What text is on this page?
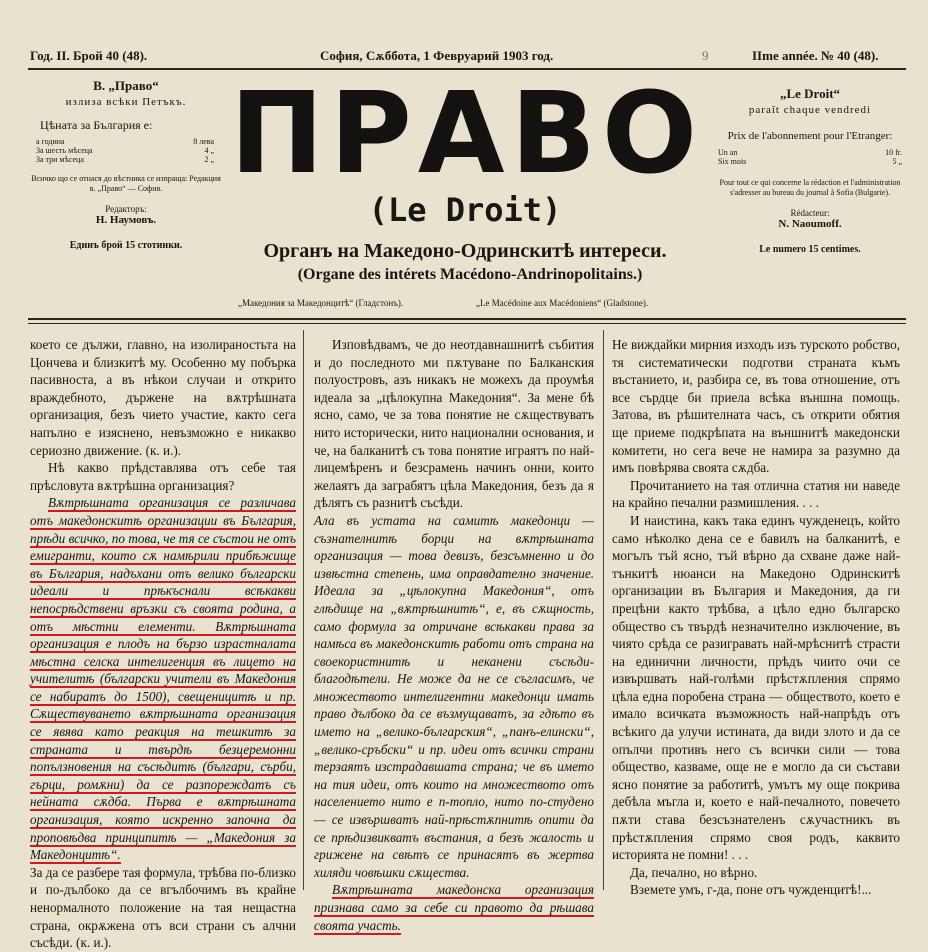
Год. II. Брой 40 (48).	София, Сѫббота, 1 Февруарий 1903 год.	9	IIme année. № 40 (48).
ПРАВО
(Le Droit)
Органъ на Македоно-Одринскитѣ интереси.
(Organe des intérets Macédono-Andrinopolitains.)
„Македония за Македонцитѣ“ (Гладстонъ).	„Le Macédoine aux Macédoniens“ (Gladstone).
В. „Право“
излиза всѣки Петъкъ.
Цѣната за България е:
а година	8 лева
За шесть мѣсеца	4 „
За три мѣсеца	2 „
Всичко що се отнася до вѣстника се изпраща: Редакция в. „Право“ — София.
Редакторъ:
Н. Наумовъ.
Единъ брой 15 стотинки.
„Le Droit“
paraît chaque vendredi
Prix de l'abonnement pour l'Etranger:
Un an	10 fr.
Six mois	5 „
Pour tout ce qui concerne la rédaction et l'administration s'adresser au bureau du journal à Sofia (Bulgarie).
Rédacteur:
N. Naoumoff.
Le numero 15 centimes.

което се дължи, главно, на изолираностьта на Цончева и близкитѣ му. Особенно му побърка пасивноста, а въ нѣкои случаи и открито враждебното, държене на вѫтрѣшната организация, безъ чието участие, както сега напълно е изяснено, невъзможно е никакво сериозно движение. (к. и.).

Нѣ какво прѣдставлява отъ себе тая прѣсловута вѫтрѣшна организация?

Вѫтрѣшната организация се различава отъ македонскитѣ организации въ България, прѣди всичко, по това, че тя се състои не отъ емигранти, които сѫ намѣрили прибѣжище въ България, надъхани отъ велико български идеали и прѣкъснали всѣкакви непосрѣдствени връзки съ своята родина, а отъ мѣстни елементи. Вѫтрѣшната организация е плодъ на бързо израстналата мѣстна селска интелигенция въ лицето на учителитѣ (български учители въ Македония се набиратъ до 1500), свещеницитѣ и пр. Сѫществуването вѫтрѣшната организация се явява като реакция на тешкитѣ за страната и твърдѣ безцеремонни попълзновения на съсѣдитѣ (българи, сърби, гърци, ромѫни) да се разпореждатъ съ нейната сѫдба. Първа е вѫтрѣшната организация, която искренно започна да проповѣдва принципитѣ — „Македония за Македонцитѣ“.

За да се разбере тая формула, трѣбва по-близко и по-дълбоко да се вгълбочимъ въ крайне ненормалното положение на тая нещастна страна, окрѫжена отъ вси страни съ алчни съсѣди. (к. и.).

Изповѣдвамъ, че до неотдавнашнитѣ събития и до последното ми пѫтуване по Балканския полуостровъ, азъ никакъ не можехъ да проумѣя идеала за „цѣлокупна Македония“. За мене бѣ ясно, само, че за това понятие не сѫществуватъ нито исторически, нито национални основания, и че, на балканитѣ съ това понятие играятъ по най-лицемѣренъ и безсрамень начинъ онни, които желаятъ да заграбятъ цѣла Македония, безъ да я дѣлятъ съ разнитѣ съсѣди.

Ала въ устата на самитѣ македонци — съзнателнитѣ борци на вѫтрѣшната организация — това девизъ, безсъмненно и до извѣстна степень, има оправдателно значение. Идеала за „цѣлокупна Македония“, отъ глѣдище на „вѫтрѣшнитѣ“, е, въ сѫщность, само формула за отричане всѣкакви права за намѣса въ македонскитѣ работи отъ страна на своекористнитѣ и неканени съсѣди-благодѣтели. Не може да не се съгласимъ, че множеството интелигентни македонци имать право дълбоко да се възмущаватъ, за гдѣто въ името на „велико-българския“, „панъ-елински“, „велико-сръбски“ и пр. идеи отъ всички страни терзаятъ изстрадавшата страна; че въ името на тия идеи, отъ които на множеството отъ населението нито е п-топло, нито по-студено — се извършватъ най-прѣстѫпнитѣ опити да се прѣдизвикватъ въстания, а безъ жалость и грижене на свѣтъ се принасятъ въ жертва хиляди човѣшки сѫщества.

Вѫтрѣшната македонска организация признава само за себе си правото да рѣшава своята участь.

Не виждайки мирния изходъ изъ турското робство, тя систематически подготви страната къмъ въстанието, и, разбира се, въ това отношение, отъ все сърдце би приела всѣка външна помощь. Затова, въ рѣшителната часъ, съ открити обятия ще приеме подкрѣпата на външнитѣ македонски комитети, но сега вече не намира за разумно да имъ повѣрява своята сѫдба.

Прочитанието на тая отлична статия ни наведе на крайно печални размишления. . . .

И наистина, какъ така единъ чужденецъ, който само нѣколко дена се е бавилъ на балканитѣ, е могълъ тъй ясно, тъй вѣрно да схване даже най-тънкитѣ нюанси на Македоно Одринскитѣ организации въ България и Македония, да ги прецѣни както трѣбва, а цѣло едно българско общество съ твърдѣ незначително изключение, въ чиято срѣда се разигравать най-мрѣснитѣ страсти на единични личности, прѣдъ чиито очи се извършвать най-голѣми прѣстѫпления спрямо цѣла една поробена страна — обществото, което е имало всичката възможность най-напрѣдъ отъ всѣкиго да улучи истината, да види злото и да се опълчи противъ него съ всички сили — това общество, казваме, още не е могло да си състави ясно понятие за работитѣ, умътъ му още покрива дебѣла мъгла и, което е най-печалното, повечето пѫти става безсъзнателенъ сѫучастникъ въ прѣстѫпления спрямо своя родъ, каквито историята не помни! . . .

Да, печално, но вѣрно.

Вземете умъ, г-да, поне отъ чужденцитѣ!...
